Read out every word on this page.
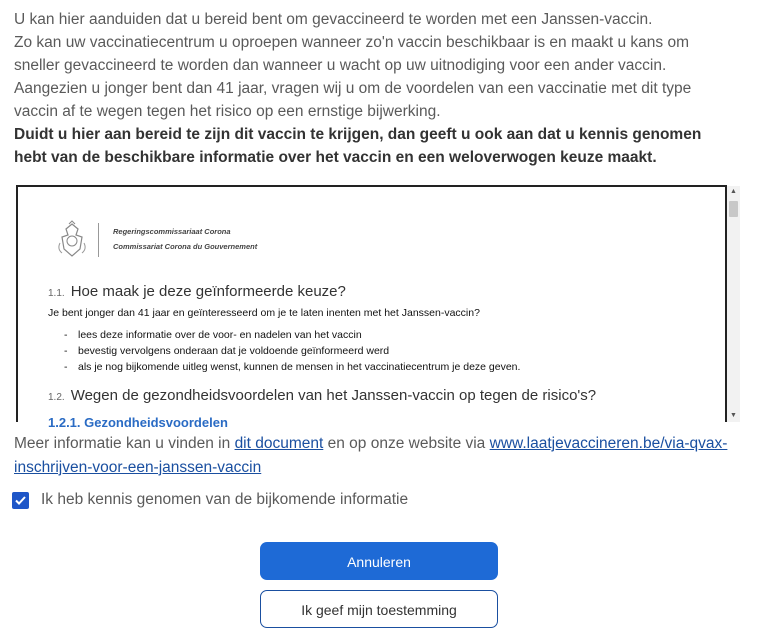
U kan hier aanduiden dat u bereid bent om gevaccineerd te worden met een Janssen-vaccin.

Zo kan uw vaccinatiecentrum u oproepen wanneer zo'n vaccin beschikbaar is en maakt u kans om

sneller gevaccineerd te worden dan wanneer u wacht op uw uitnodiging voor een ander vaccin.

Aangezien u jonger bent dan 41 jaar, vragen wij u om de voordelen van een vaccinatie met dit type

vaccin af te wegen tegen het risico op een ernstige bijwerking.

Duidt u hier aan bereid te zijn dit vaccin te krijgen, dan geeft u ook aan dat u kennis genomen

hebt van de beschikbare informatie over het vaccin en een weloverwogen keuze maakt.

Regeringscommissariaat Corona
Commissariat Corona du Gouvernement
1.1. Hoe maak je deze geïnformeerde keuze?
Je bent jonger dan 41 jaar en geïnteresseerd om je te laten inenten met het Janssen-vaccin?
- lees deze informatie over de voor- en nadelen van het vaccin
- bevestig vervolgens onderaan dat je voldoende geïnformeerd werd
- als je nog bijkomende uitleg wenst, kunnen de mensen in het vaccinatiecentrum je deze geven.
1.2. Wegen de gezondheidsvoordelen van het Janssen-vaccin op tegen de risico's?
1.2.1. Gezondheidsvoordelen
▲
▼
Meer informatie kan u vinden in dit document en op onze website via www.laatjevaccineren.be/via-qvax-inschrijven-voor-een-janssen-vaccin
Ik heb kennis genomen van de bijkomende informatie
Annuleren
Ik geef mijn toestemming
